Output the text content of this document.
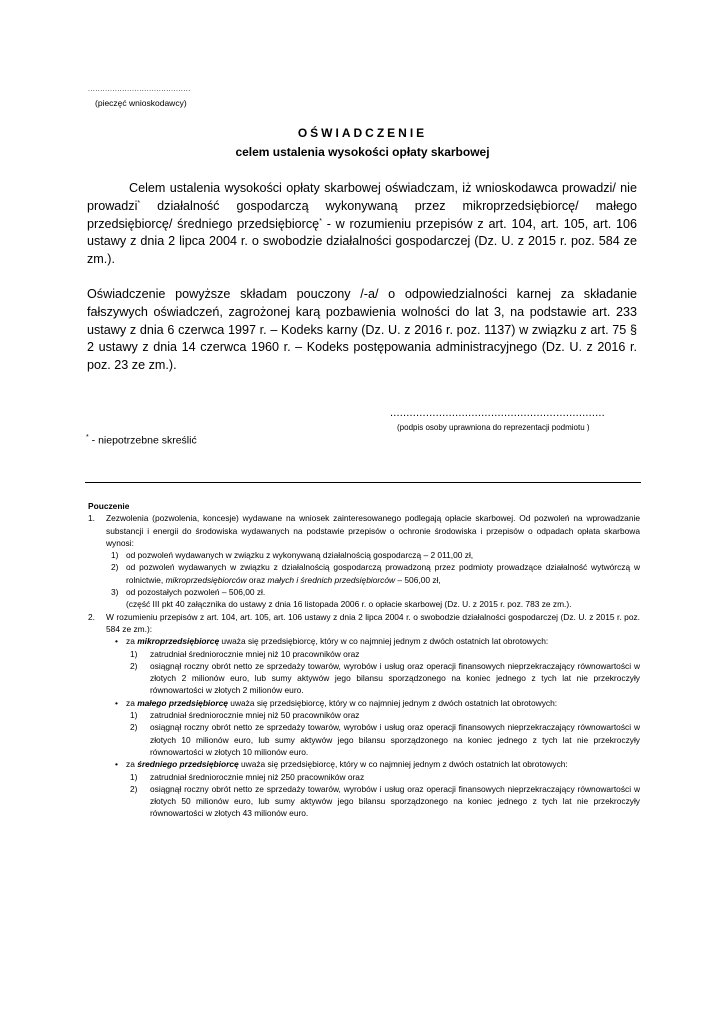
..........................................
(pieczęć wnioskodawcy)
OŚWIADCZENIE
celem ustalenia wysokości opłaty skarbowej
Celem ustalenia wysokości opłaty skarbowej oświadczam, iż wnioskodawca prowadzi/ nie prowadzi* działalność gospodarczą wykonywaną przez mikroprzedsiębiorcę/ małego przedsiębiorcę/ średniego przedsiębiorcę* - w rozumieniu przepisów z art. 104, art. 105, art. 106 ustawy z dnia 2 lipca 2004 r. o swobodzie działalności gospodarczej (Dz. U. z 2015 r. poz. 584 ze zm.).
Oświadczenie powyższe składam pouczony /-a/ o odpowiedzialności karnej za składanie fałszywych oświadczeń, zagrożonej karą pozbawienia wolności do lat 3, na podstawie art. 233 ustawy z dnia 6 czerwca 1997 r. – Kodeks karny (Dz. U. z 2016 r. poz. 1137) w związku z art. 75 § 2 ustawy z dnia 14 czerwca 1960 r. – Kodeks postępowania administracyjnego (Dz. U. z 2016 r. poz. 23 ze zm.).
..................................................................
(podpis osoby uprawniona do reprezentacji podmiotu )
* - niepotrzebne skreślić
Pouczenie
1. Zezwolenia (pozwolenia, koncesje) wydawane na wniosek zainteresowanego podlegają opłacie skarbowej. Od pozwoleń na wprowadzanie substancji i energii do środowiska wydawanych na podstawie przepisów o ochronie środowiska i przepisów o odpadach opłata skarbowa wynosi:
1) od pozwoleń wydawanych w związku z wykonywaną działalnością gospodarczą – 2 011,00 zł,
2) od pozwoleń wydawanych w związku z działalnością gospodarczą prowadzoną przez podmioty prowadzące działalność wytwórczą w rolnictwie, mikroprzedsiębiorców oraz małych i średnich przedsiębiorców – 506,00 zł,
3) od pozostałych pozwoleń – 506,00 zł.
(część III pkt 40 załącznika do ustawy z dnia 16 listopada 2006 r. o opłacie skarbowej (Dz. U. z 2015 r. poz. 783 ze zm.).
2. W rozumieniu przepisów z art. 104, art. 105, art. 106 ustawy z dnia 2 lipca 2004 r. o swobodzie działalności gospodarczej (Dz. U. z 2015 r. poz. 584 ze zm.):
• za mikroprzedsiębiorcę uważa się przedsiębiorcę, który w co najmniej jednym z dwóch ostatnich lat obrotowych:
1) zatrudniał średniorocznie mniej niż 10 pracowników oraz
2) osiągnął roczny obrót netto ze sprzedaży towarów, wyrobów i usług oraz operacji finansowych nieprzekraczający równowartości w złotych 2 milionów euro, lub sumy aktywów jego bilansu sporządzonego na koniec jednego z tych lat nie przekroczyły równowartości w złotych 2 milionów euro.
• za małego przedsiębiorcę uważa się przedsiębiorcę, który w co najmniej jednym z dwóch ostatnich lat obrotowych:
1) zatrudniał średniorocznie mniej niż 50 pracowników oraz
2) osiągnął roczny obrót netto ze sprzedaży towarów, wyrobów i usług oraz operacji finansowych nieprzekraczający równowartości w złotych 10 milionów euro, lub sumy aktywów jego bilansu sporządzonego na koniec jednego z tych lat nie przekroczyły równowartości w złotych 10 milionów euro.
• za średniego przedsiębiorcę uważa się przedsiębiorcę, który w co najmniej jednym z dwóch ostatnich lat obrotowych:
1) zatrudniał średniorocznie mniej niż 250 pracowników oraz
2) osiągnął roczny obrót netto ze sprzedaży towarów, wyrobów i usług oraz operacji finansowych nieprzekraczający równowartości w złotych 50 milionów euro, lub sumy aktywów jego bilansu sporządzonego na koniec jednego z tych lat nie przekroczyły równowartości w złotych 43 milionów euro.
